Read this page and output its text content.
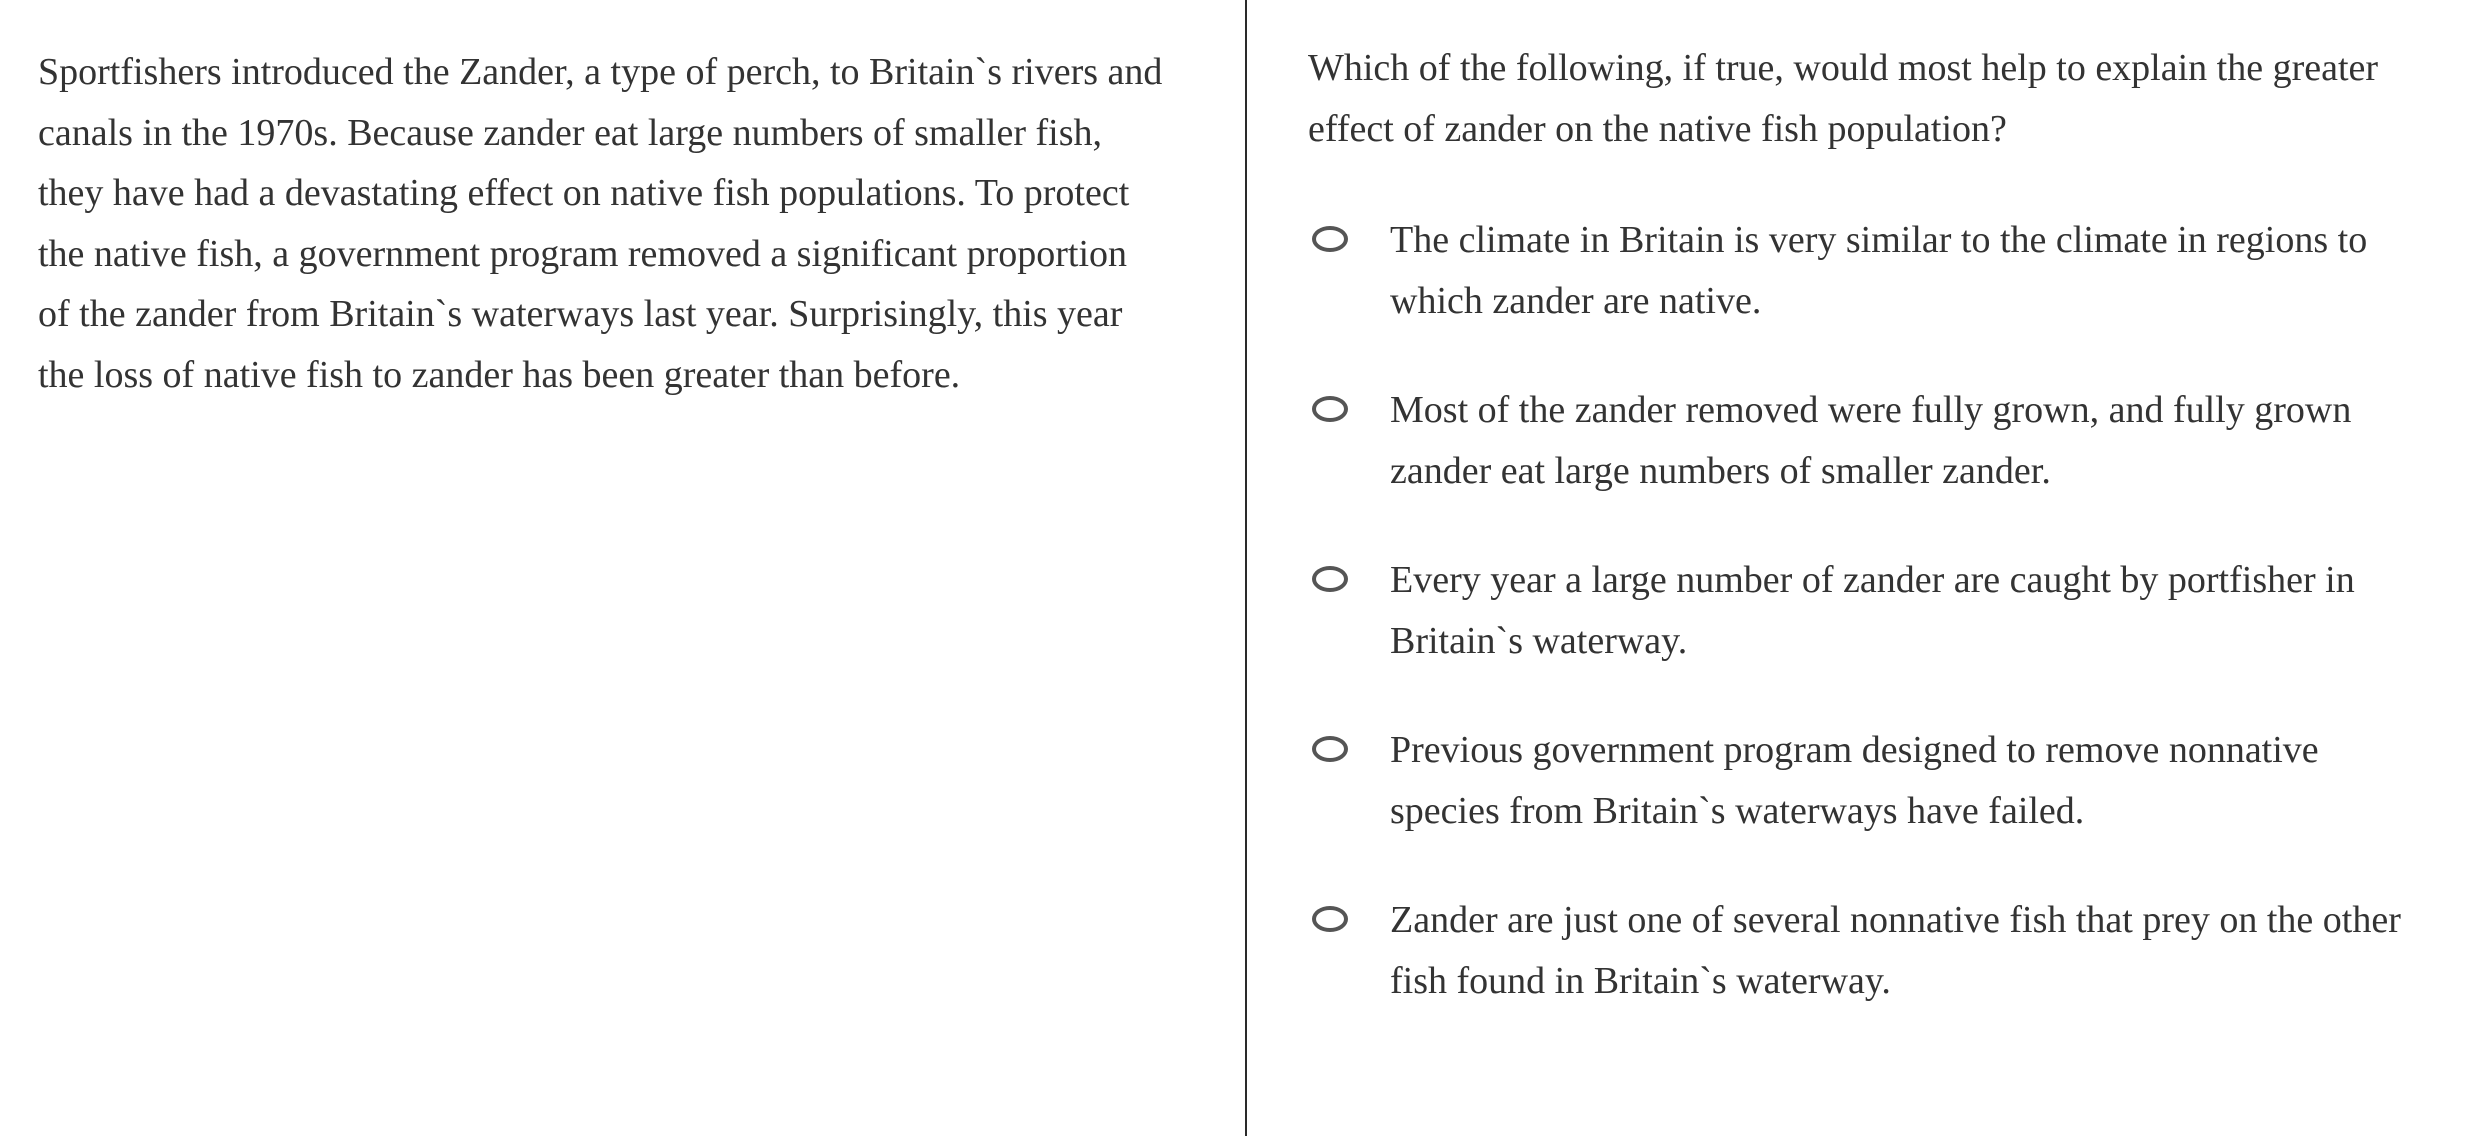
Sportfishers introduced the Zander, a type of perch, to Britain`s rivers and canals in the 1970s. Because zander eat large numbers of smaller fish, they have had a devastating effect on native fish populations. To protect the native fish, a government program removed a significant proportion of the zander from Britain`s waterways last year. Surprisingly, this year the loss of native fish to zander has been greater than before.

Which of the following, if true, would most help to explain the greater effect of zander on the native fish population?

The climate in Britain is very similar to the climate in regions to which zander are native.
Most of the zander removed were fully grown, and fully grown zander eat large numbers of smaller zander.
Every year a large number of zander are caught by portfisher in Britain`s waterway.
Previous government program designed to remove nonnative species from Britain`s waterways have failed.
Zander are just one of several nonnative fish that prey on the other fish found in Britain`s waterway.
